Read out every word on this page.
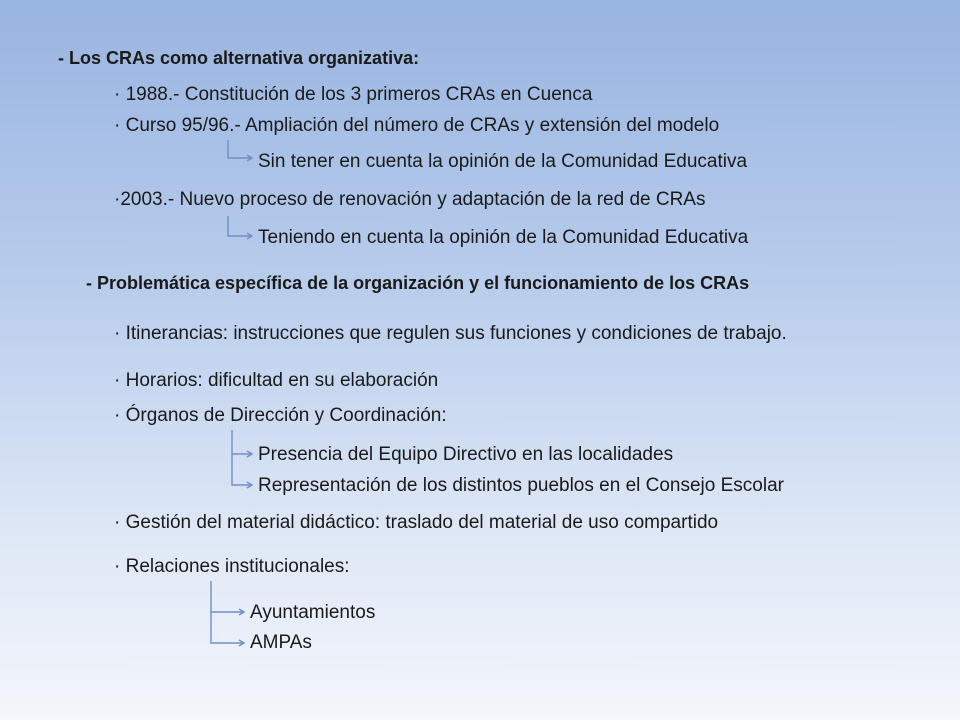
- Los CRAs como alternativa organizativa:
· 1988.- Constitución de los 3 primeros CRAs en Cuenca
· Curso 95/96.- Ampliación del número de CRAs y extensión del modelo
Sin tener en cuenta la opinión de la Comunidad Educativa
·2003.- Nuevo proceso de renovación y adaptación de la red de CRAs
Teniendo en cuenta la opinión de la Comunidad Educativa
- Problemática específica de la organización y el funcionamiento de los CRAs
· Itinerancias: instrucciones que regulen sus funciones y condiciones de trabajo.
· Horarios: dificultad en su elaboración
· Órganos de Dirección y Coordinación:
Presencia del Equipo Directivo en las localidades
Representación de los distintos pueblos en el Consejo Escolar
· Gestión del material didáctico: traslado del material de uso compartido
· Relaciones institucionales:
Ayuntamientos
AMPAs
